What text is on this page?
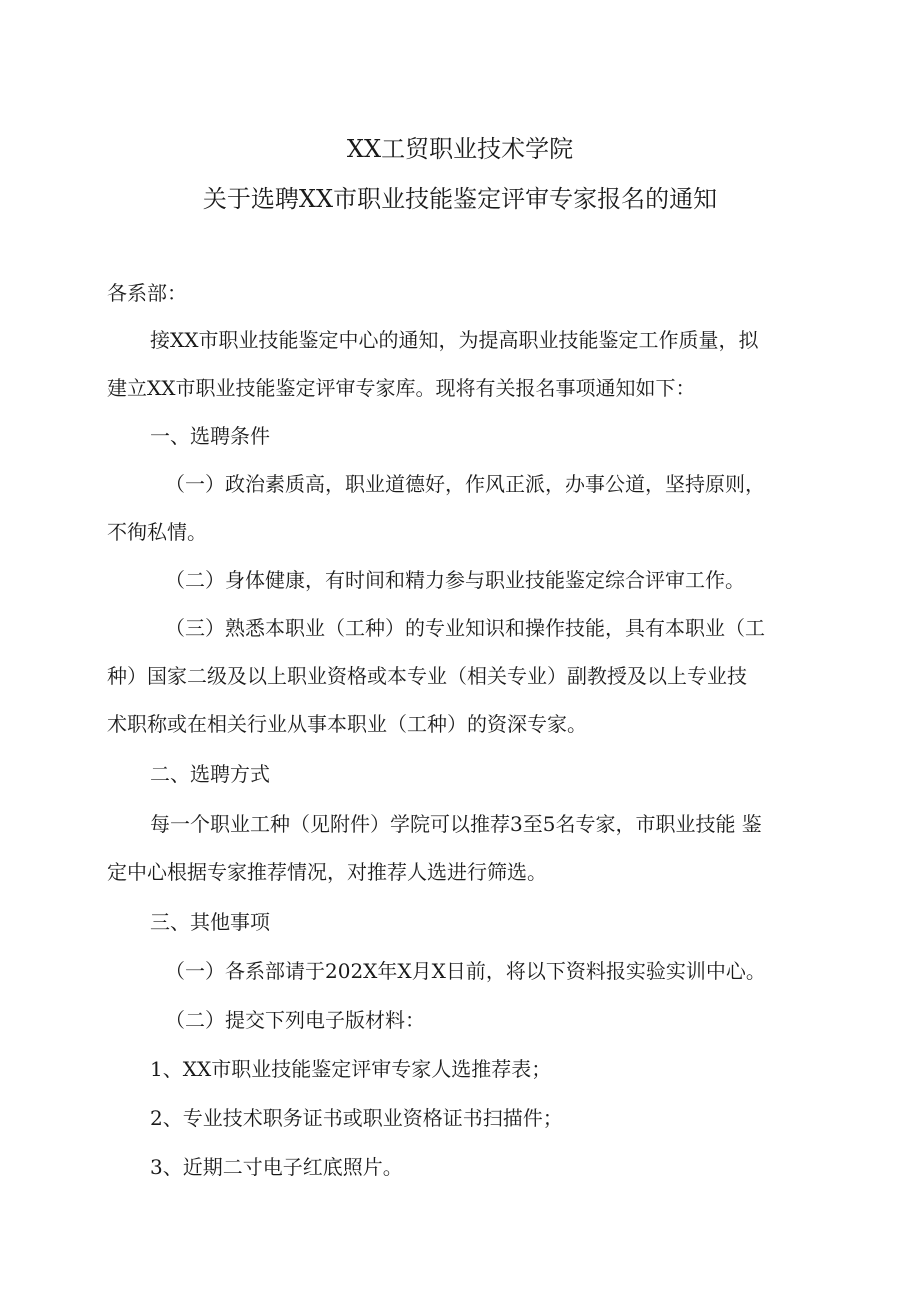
XX工贸职业技术学院
关于选聘XX市职业技能鉴定评审专家报名的通知
各系部：
接XX市职业技能鉴定中心的通知，为提高职业技能鉴定工作质量，拟
建立XX市职业技能鉴定评审专家库。现将有关报名事项通知如下：
一、选聘条件
（一）政治素质高，职业道德好，作风正派，办事公道，坚持原则，
不徇私情。
（二）身体健康，有时间和精力参与职业技能鉴定综合评审工作。
（三）熟悉本职业（工种）的专业知识和操作技能，具有本职业（工
种）国家二级及以上职业资格或本专业（相关专业）副教授及以上专业技
术职称或在相关行业从事本职业（工种）的资深专家。
二、选聘方式
每一个职业工种（见附件）学院可以推荐3至5名专家，市职业技能 鉴
定中心根据专家推荐情况，对推荐人选进行筛选。
三、其他事项
（一）各系部请于202X年X月X日前，将以下资料报实验实训中心。
（二）提交下列电子版材料：
1、XX市职业技能鉴定评审专家人选推荐表；
2、专业技术职务证书或职业资格证书扫描件；
3、近期二寸电子红底照片。
